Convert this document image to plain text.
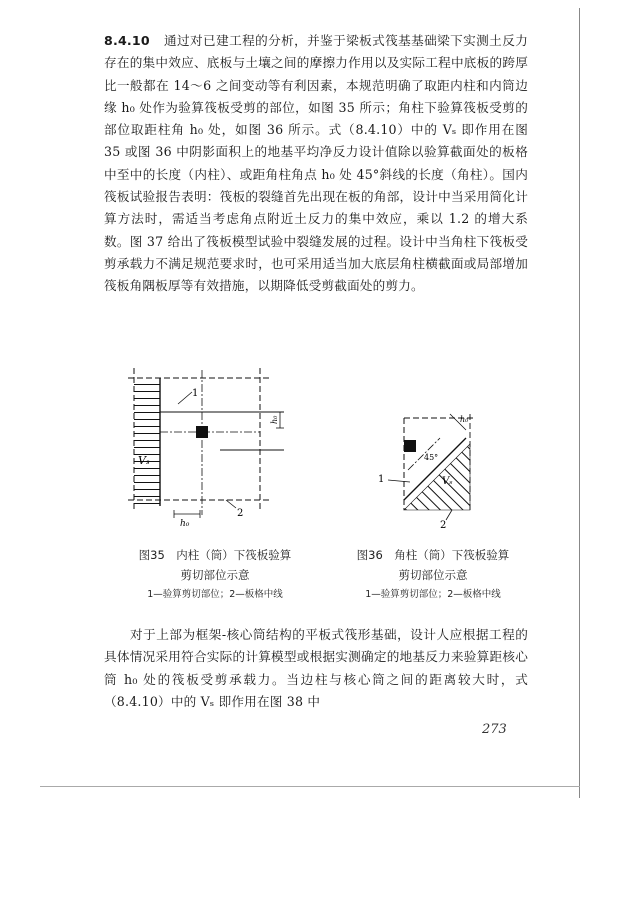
8.4.10 通过对已建工程的分析，并鉴于梁板式筏基基础梁下实测土反力存在的集中效应、底板与土壤之间的摩擦力作用以及实际工程中底板的跨厚比一般都在 14～6 之间变动等有利因素，本规范明确了取距内柱和内筒边缘 h₀ 处作为验算筏板受剪的部位，如图 35 所示；角柱下验算筏板受剪的部位取距柱角 h₀ 处，如图 36 所示。式（8.4.10）中的 Vₛ 即作用在图 35 或图 36 中阴影面积上的地基平均净反力设计值除以验算截面处的板格中至中的长度（内柱）、或距角柱角点 h₀ 处 45°斜线的长度（角柱）。国内筏板试验报告表明：筏板的裂缝首先出现在板的角部，设计中当采用简化计算方法时，需适当考虑角点附近土反力的集中效应，乘以 1.2 的增大系数。图 37 给出了筏板模型试验中裂缝发展的过程。设计中当角柱下筏板受剪承载力不满足规范要求时，也可采用适当加大底层角柱横截面或局部增加筏板角隅板厚等有效措施，以期降低受剪截面处的剪力。

1
2
Vₛ
h₀
h₀
45°
h₀
Vₛ
1
2
图35　内柱（筒）下筏板验算
剪切部位示意
1—验算剪切部位；2—板格中线
图36　角柱（筒）下筏板验算
剪切部位示意
1—验算剪切部位；2—板格中线

对于上部为框架-核心筒结构的平板式筏形基础，设计人应根据工程的具体情况采用符合实际的计算模型或根据实测确定的地基反力来验算距核心筒 h₀ 处的筏板受剪承载力。当边柱与核心筒之间的距离较大时，式（8.4.10）中的 Vₛ 即作用在图 38 中

273
